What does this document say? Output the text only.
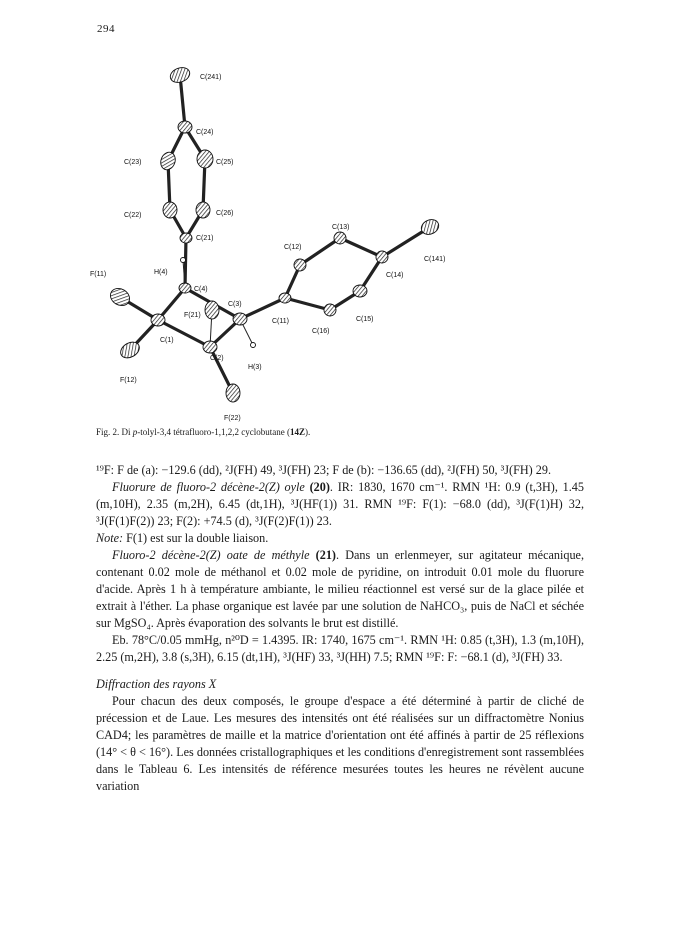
294
C(241)
C(24)
C(23)	C(25)
C(22)	C(26)
C(21)
H(4)
C(4)
F(11)
F(21)
C(3)
C(1)
C(2)
H(3)
F(12)
F(22)
C(13)
C(12)
C(141)
C(14)
C(11)	C(15)
C(16)
Fig. 2. Di p-tolyl-3,4 tétrafluoro-1,1,2,2 cyclobutane (14Z).

¹⁹F: F de (a): −129.6 (dd), ²J(FH) 49, ³J(FH) 23; F de (b): −136.65 (dd), ²J(FH) 50, ³J(FH) 29.

Fluorure de fluoro-2 décène-2(Z) oyle (20). IR: 1830, 1670 cm⁻¹. RMN ¹H: 0.9 (t,3H), 1.45 (m,10H), 2.35 (m,2H), 6.45 (dt,1H), ³J(HF(1)) 31. RMN ¹⁹F: F(1): −68.0 (dd), ³J(F(1)H) 32, ³J(F(1)F(2)) 23; F(2): +74.5 (d), ³J(F(2)F(1)) 23.

Note: F(1) est sur la double liaison.

Fluoro-2 décène-2(Z) oate de méthyle (21). Dans un erlenmeyer, sur agitateur mécanique, contenant 0.02 mole de méthanol et 0.02 mole de pyridine, on introduit 0.01 mole du fluorure d'acide. Après 1 h à température ambiante, le milieu réactionnel est versé sur de la glace pilée et extrait à l'éther. La phase organique est lavée par une solution de NaHCO₃, puis de NaCl et séchée sur MgSO₄. Après évaporation des solvants le brut est distillé.

Eb. 78°C/0.05 mmHg, n²⁰D = 1.4395. IR: 1740, 1675 cm⁻¹. RMN ¹H: 0.85 (t,3H), 1.3 (m,10H), 2.25 (m,2H), 3.8 (s,3H), 6.15 (dt,1H), ³J(HF) 33, ³J(HH) 7.5; RMN ¹⁹F: F: −68.1 (d), ³J(FH) 33.

Diffraction des rayons X

Pour chacun des deux composés, le groupe d'espace a été déterminé à partir de cliché de précession et de Laue. Les mesures des intensités ont été réalisées sur un diffractomètre Nonius CAD4; les paramètres de maille et la matrice d'orientation ont été affinés à partir de 25 réflexions (14° < θ < 16°). Les données cristallographiques et les conditions d'enregistrement sont rassemblées dans le Tableau 6. Les intensités de référence mesurées toutes les heures ne révèlent aucune variation
